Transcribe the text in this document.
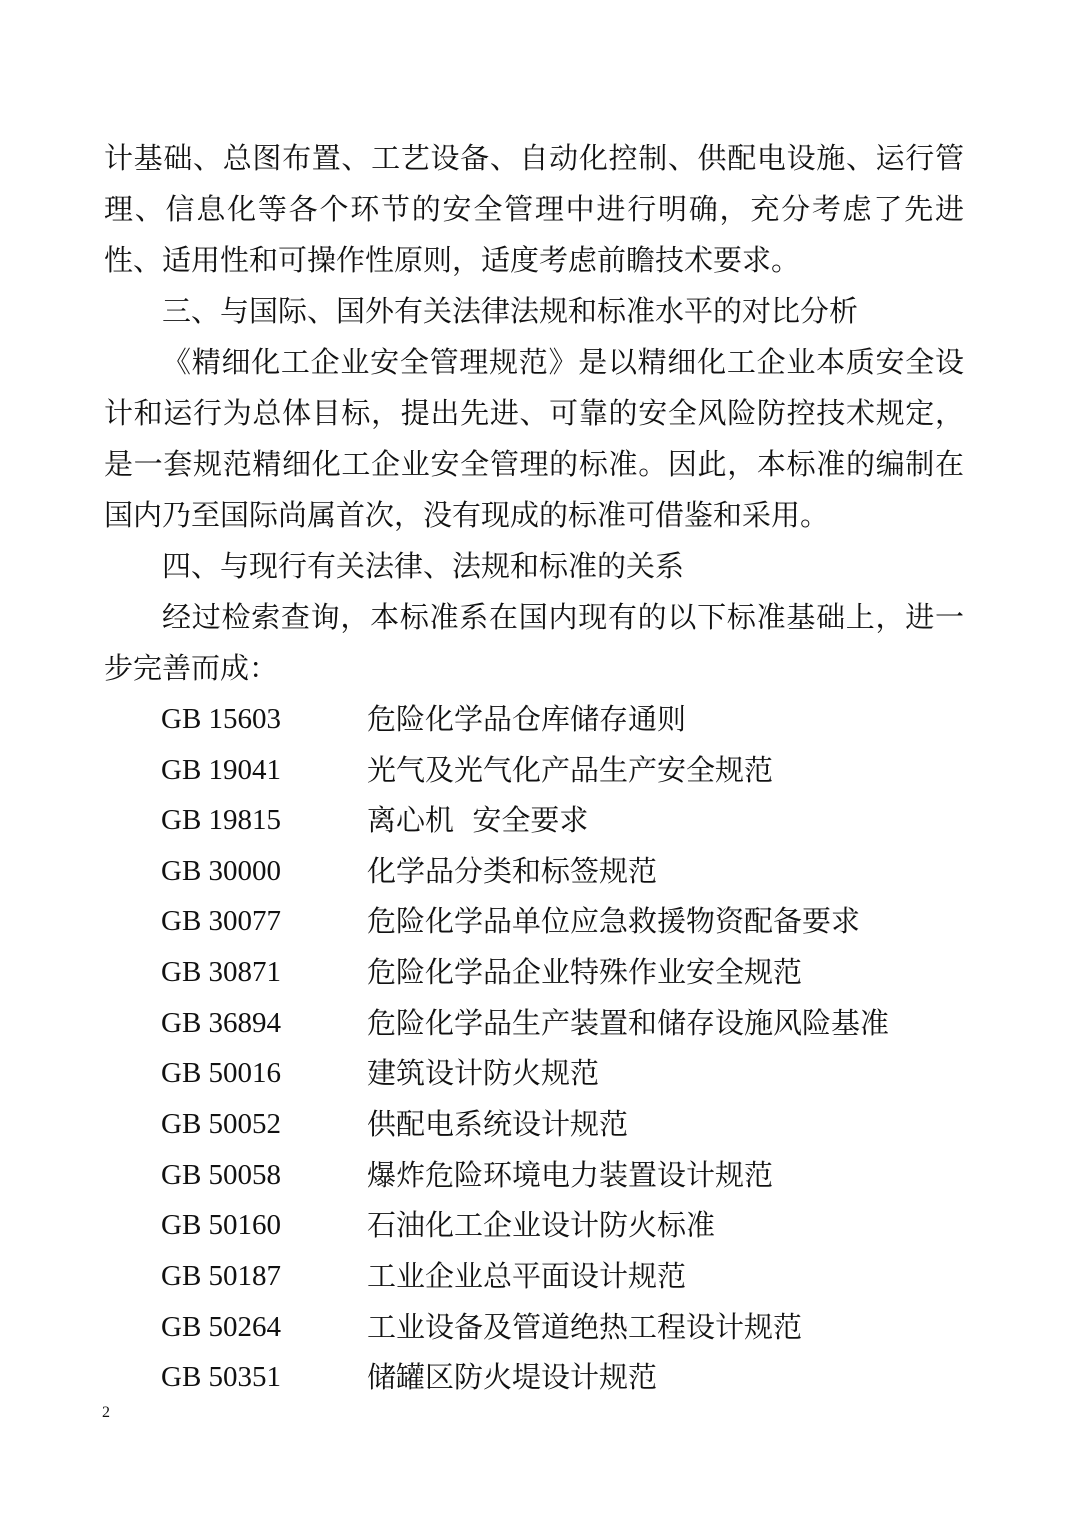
计基础、总图布置、工艺设备、自动化控制、供配电设施、运行管理、信息化等各个环节的安全管理中进行明确，充分考虑了先进性、适用性和可操作性原则，适度考虑前瞻技术要求。

三、与国际、国外有关法律法规和标准水平的对比分析

《精细化工企业安全管理规范》是以精细化工企业本质安全设计和运行为总体目标，提出先进、可靠的安全风险防控技术规定，是一套规范精细化工企业安全管理的标准。因此，本标准的编制在国内乃至国际尚属首次，没有现成的标准可借鉴和采用。

四、与现行有关法律、法规和标准的关系

经过检索查询，本标准系在国内现有的以下标准基础上，进一步完善而成：

GB 15603	危险化学品仓库储存通则
GB 19041	光气及光气化产品生产安全规范
GB 19815	离心机  安全要求
GB 30000	化学品分类和标签规范
GB 30077	危险化学品单位应急救援物资配备要求
GB 30871	危险化学品企业特殊作业安全规范
GB 36894	危险化学品生产装置和储存设施风险基准
GB 50016	建筑设计防火规范
GB 50052	供配电系统设计规范
GB 50058	爆炸危险环境电力装置设计规范
GB 50160	石油化工企业设计防火标准
GB 50187	工业企业总平面设计规范
GB 50264	工业设备及管道绝热工程设计规范
GB 50351	储罐区防火堤设计规范
2
